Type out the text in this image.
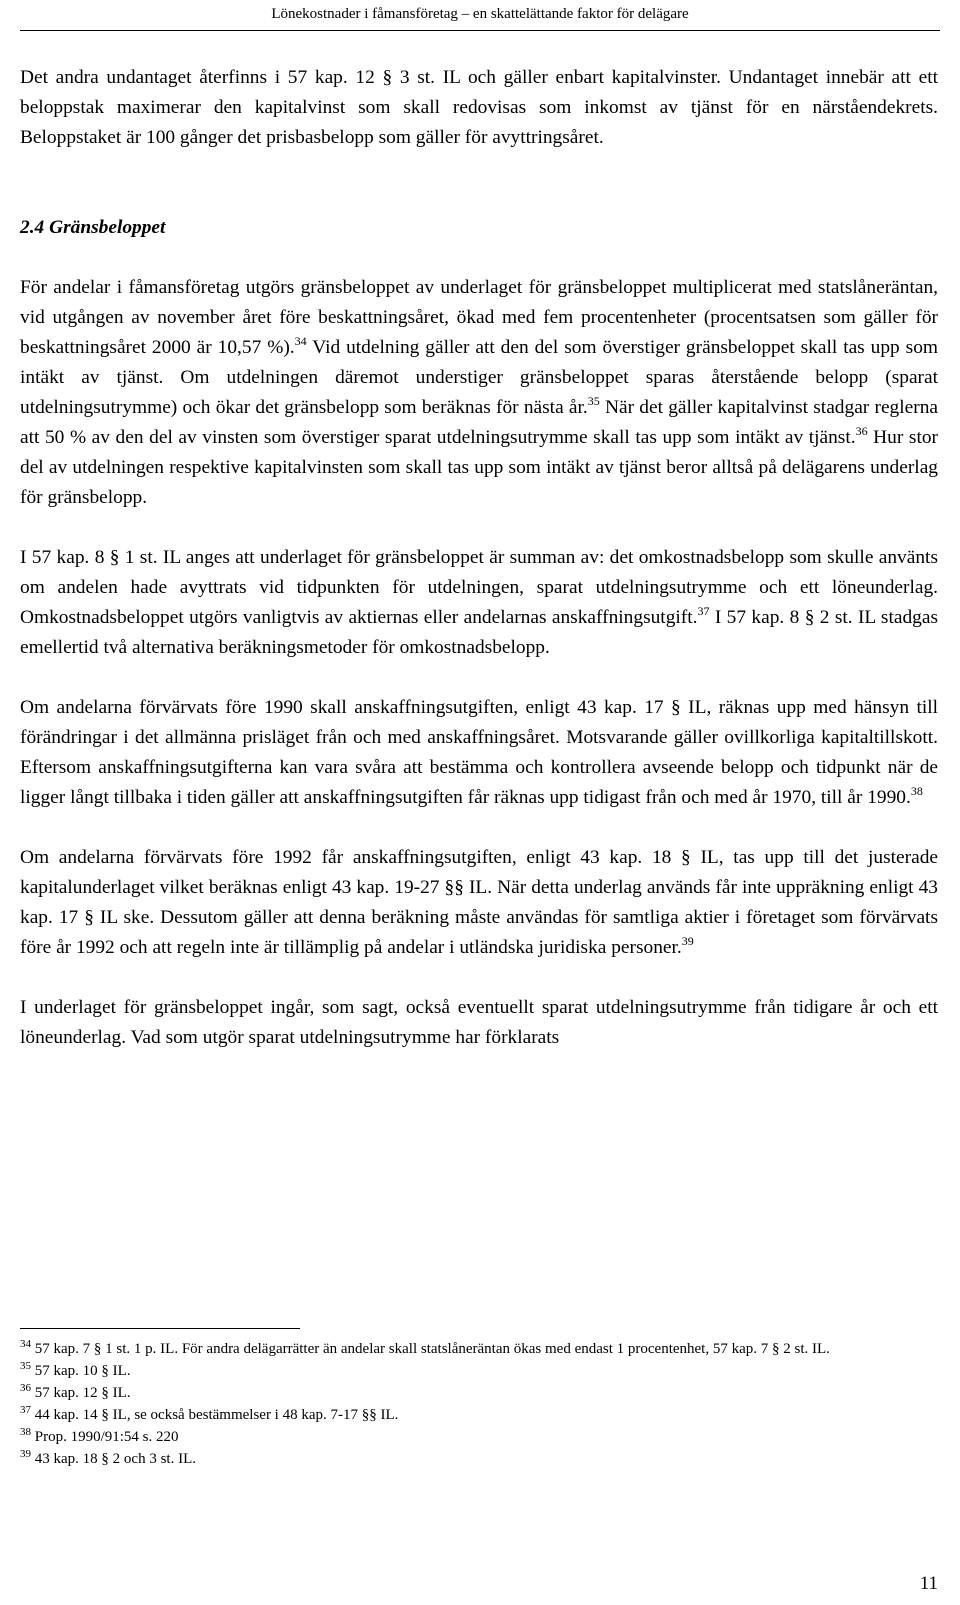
Lönekostnader i fåmansföretag – en skattelättande faktor för delägare

Det andra undantaget återfinns i 57 kap. 12 § 3 st. IL och gäller enbart kapitalvinster. Undantaget innebär att ett beloppstak maximerar den kapitalvinst som skall redovisas som inkomst av tjänst för en närståendekrets. Beloppstaket är 100 gånger det prisbasbelopp som gäller för avyttringsåret.

2.4 Gränsbeloppet

För andelar i fåmansföretag utgörs gränsbeloppet av underlaget för gränsbeloppet multiplicerat med statslåneräntan, vid utgången av november året före beskattningsåret, ökad med fem procentenheter (procentsatsen som gäller för beskattningsåret 2000 är 10,57 %).$^{34}$ Vid utdelning gäller att den del som överstiger gränsbeloppet skall tas upp som intäkt av tjänst. Om utdelningen däremot understiger gränsbeloppet sparas återstående belopp (sparat utdelningsutrymme) och ökar det gränsbelopp som beräknas för nästa år.$^{35}$ När det gäller kapitalvinst stadgar reglerna att 50 % av den del av vinsten som överstiger sparat utdelningsutrymme skall tas upp som intäkt av tjänst.$^{36}$ Hur stor del av utdelningen respektive kapitalvinsten som skall tas upp som intäkt av tjänst beror alltså på delägarens underlag för gränsbelopp.

I 57 kap. 8 § 1 st. IL anges att underlaget för gränsbeloppet är summan av: det omkostnadsbelopp som skulle använts om andelen hade avyttrats vid tidpunkten för utdelningen, sparat utdelningsutrymme och ett löneunderlag. Omkostnadsbeloppet utgörs vanligtvis av aktiernas eller andelarnas anskaffningsutgift.$^{37}$ I 57 kap. 8 § 2 st. IL stadgas emellertid två alternativa beräkningsmetoder för omkostnadsbelopp.

Om andelarna förvärvats före 1990 skall anskaffningsutgiften, enligt 43 kap. 17 § IL, räknas upp med hänsyn till förändringar i det allmänna prisläget från och med anskaffningsåret. Motsvarande gäller ovillkorliga kapitaltillskott. Eftersom anskaffningsutgifterna kan vara svåra att bestämma och kontrollera avseende belopp och tidpunkt när de ligger långt tillbaka i tiden gäller att anskaffningsutgiften får räknas upp tidigast från och med år 1970, till år 1990.38

Om andelarna förvärvats före 1992 får anskaffningsutgiften, enligt 43 kap. 18 § IL, tas upp till det justerade kapitalunderlaget vilket beräknas enligt 43 kap. 19-27 §§ IL. När detta underlag används får inte uppräkning enligt 43 kap. 17 § IL ske. Dessutom gäller att denna beräkning måste användas för samtliga aktier i företaget som förvärvats före år 1992 och att regeln inte är tillämplig på andelar i utländska juridiska personer.$^{39}$

I underlaget för gränsbeloppet ingår, som sagt, också eventuellt sparat utdelningsutrymme från tidigare år och ett löneunderlag. Vad som utgör sparat utdelningsutrymme har förklarats

$^{34}$ 57 kap. 7 § 1 st. 1 p. IL. För andra delägarrätter än andelar skall statslåneräntan ökas med endast 1 procentenhet, 57 kap. 7 § 2 st. IL.

$^{35}$ 57 kap. 10 § IL.

$^{36}$ 57 kap. 12 § IL.

$^{37}$ 44 kap. 14 § IL, se också bestämmelser i 48 kap. 7-17 §§ IL.

$^{38}$ Prop. 1990/91:54 s. 220

$^{39}$ 43 kap. 18 § 2 och 3 st. IL.

11
